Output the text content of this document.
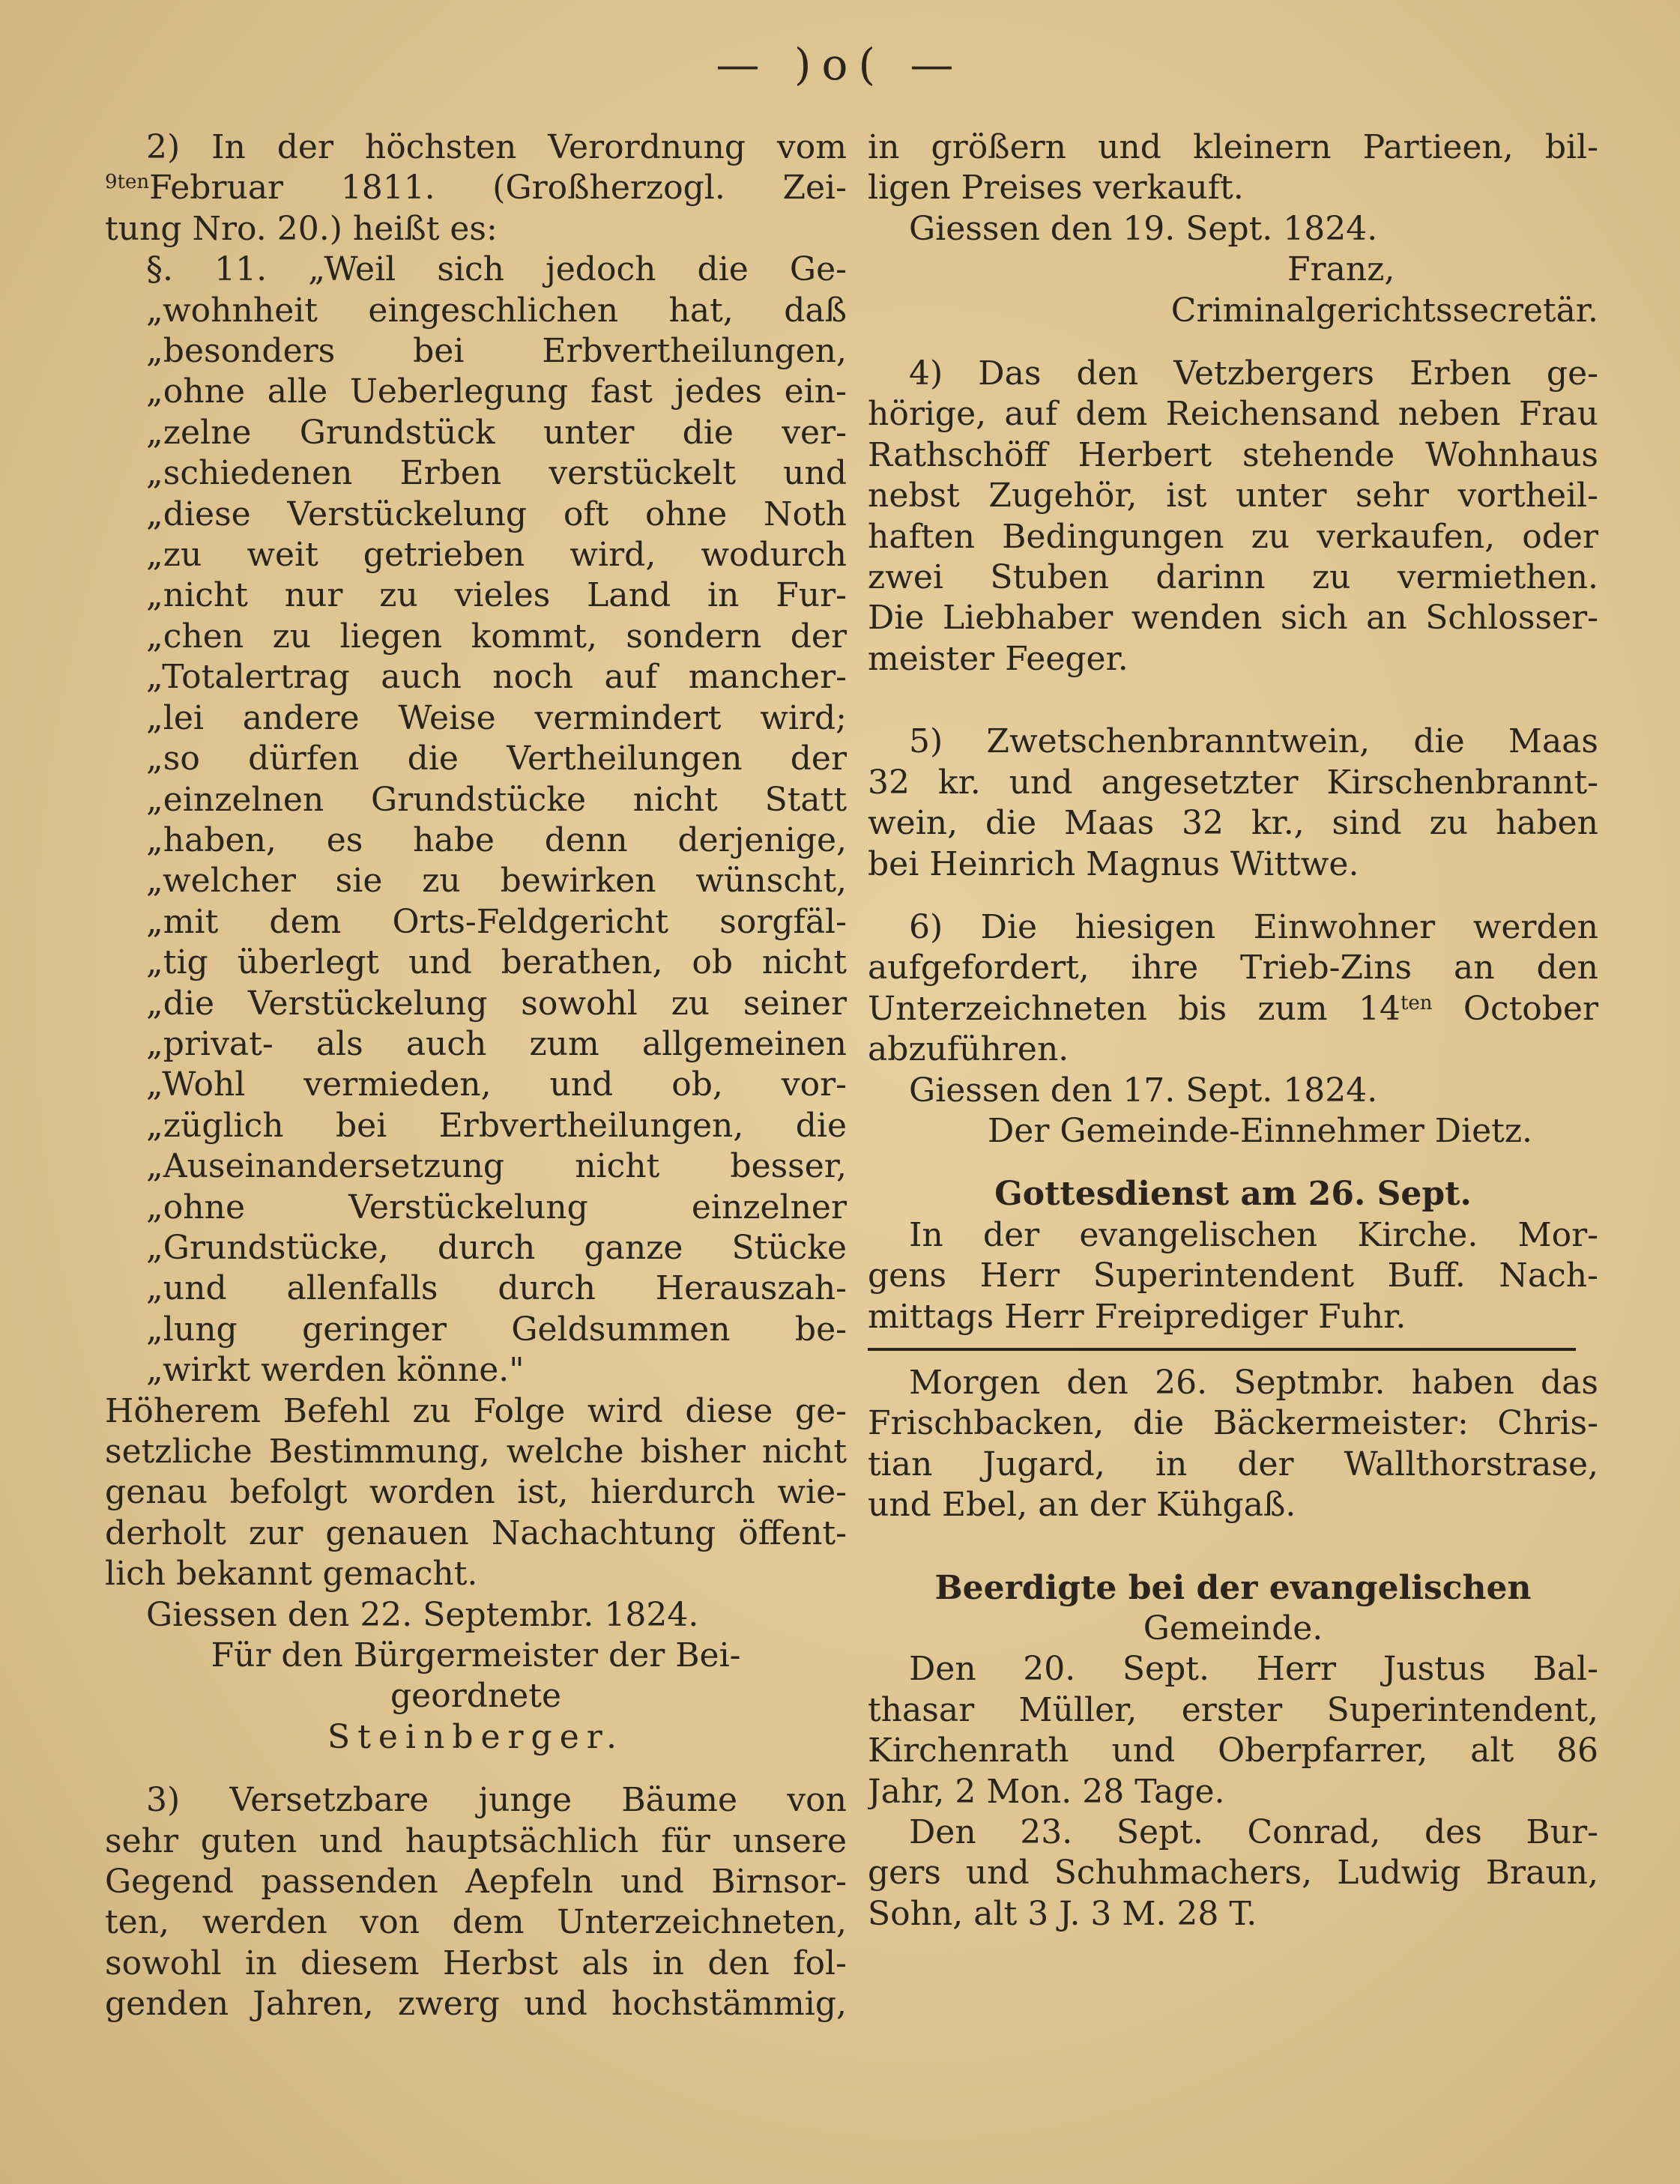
— )o( —
2) In der höchsten Verordnung vom
$^{9ten}$Februar 1811. (Großherzogl. Zei-
tung Nro. 20.) heißt es:
§. 11. „Weil sich jedoch die Ge-
„wohnheit eingeschlichen hat, daß
„besonders bei Erbvertheilungen,
„ohne alle Ueberlegung fast jedes ein-
„zelne Grundstück unter die ver-
„schiedenen Erben verstückelt und
„diese Verstückelung oft ohne Noth
„zu weit getrieben wird, wodurch
„nicht nur zu vieles Land in Fur-
„chen zu liegen kommt, sondern der
„Totalertrag auch noch auf mancher-
„lei andere Weise vermindert wird;
„so dürfen die Vertheilungen der
„einzelnen Grundstücke nicht Statt
„haben, es habe denn derjenige,
„welcher sie zu bewirken wünscht,
„mit dem Orts-Feldgericht sorgfäl-
„tig überlegt und berathen, ob nicht
„die Verstückelung sowohl zu seiner
„privat- als auch zum allgemeinen
„Wohl vermieden, und ob, vor-
„züglich bei Erbvertheilungen, die
„Auseinandersetzung nicht besser,
„ohne Verstückelung einzelner
„Grundstücke, durch ganze Stücke
„und allenfalls durch Herauszah-
„lung geringer Geldsummen be-
„wirkt werden könne."
Höherem Befehl zu Folge wird diese ge-
setzliche Bestimmung, welche bisher nicht
genau befolgt worden ist, hierdurch wie-
derholt zur genauen Nachachtung öffent-
lich bekannt gemacht.
Giessen den 22. Septembr. 1824.
Für den Bürgermeister der Bei-
geordnete
Steinberger.
3) Versetzbare junge Bäume von
sehr guten und hauptsächlich für unsere
Gegend passenden Aepfeln und Birnsor-
ten, werden von dem Unterzeichneten,
sowohl in diesem Herbst als in den fol-
genden Jahren, zwerg und hochstämmig,
in größern und kleinern Partieen, bil-
ligen Preises verkauft.
Giessen den 19. Sept. 1824.
Franz,
Criminalgerichtssecretär.
4) Das den Vetzbergers Erben ge-
hörige, auf dem Reichensand neben Frau
Rathschöff Herbert stehende Wohnhaus
nebst Zugehör, ist unter sehr vortheil-
haften Bedingungen zu verkaufen, oder
zwei Stuben darinn zu vermiethen.
Die Liebhaber wenden sich an Schlosser-
meister Feeger.
5) Zwetschenbranntwein, die Maas
32 kr. und angesetzter Kirschenbrannt-
wein, die Maas 32 kr., sind zu haben
bei Heinrich Magnus Wittwe.
6) Die hiesigen Einwohner werden
aufgefordert, ihre Trieb-Zins an den
Unterzeichneten bis zum $14^{ten}$ October
abzuführen.
Giessen den 17. Sept. 1824.
Der Gemeinde-Einnehmer Dietz.
Gottesdienst am 26. Sept.
In der evangelischen Kirche. Mor-
gens Herr Superintendent Buff. Nach-
mittags Herr Freiprediger Fuhr.
Morgen den 26. Septmbr. haben das
Frischbacken, die Bäckermeister: Chris-
tian Jugard, in der Wallthorstrase,
und Ebel, an der Kühgaß.
Beerdigte bei der evangelischen
Gemeinde.
Den 20. Sept. Herr Justus Bal-
thasar Müller, erster Superintendent,
Kirchenrath und Oberpfarrer, alt 86
Jahr, 2 Mon. 28 Tage.
Den 23. Sept. Conrad, des Bur-
gers und Schuhmachers, Ludwig Braun,
Sohn, alt 3 J. 3 M. 28 T.
